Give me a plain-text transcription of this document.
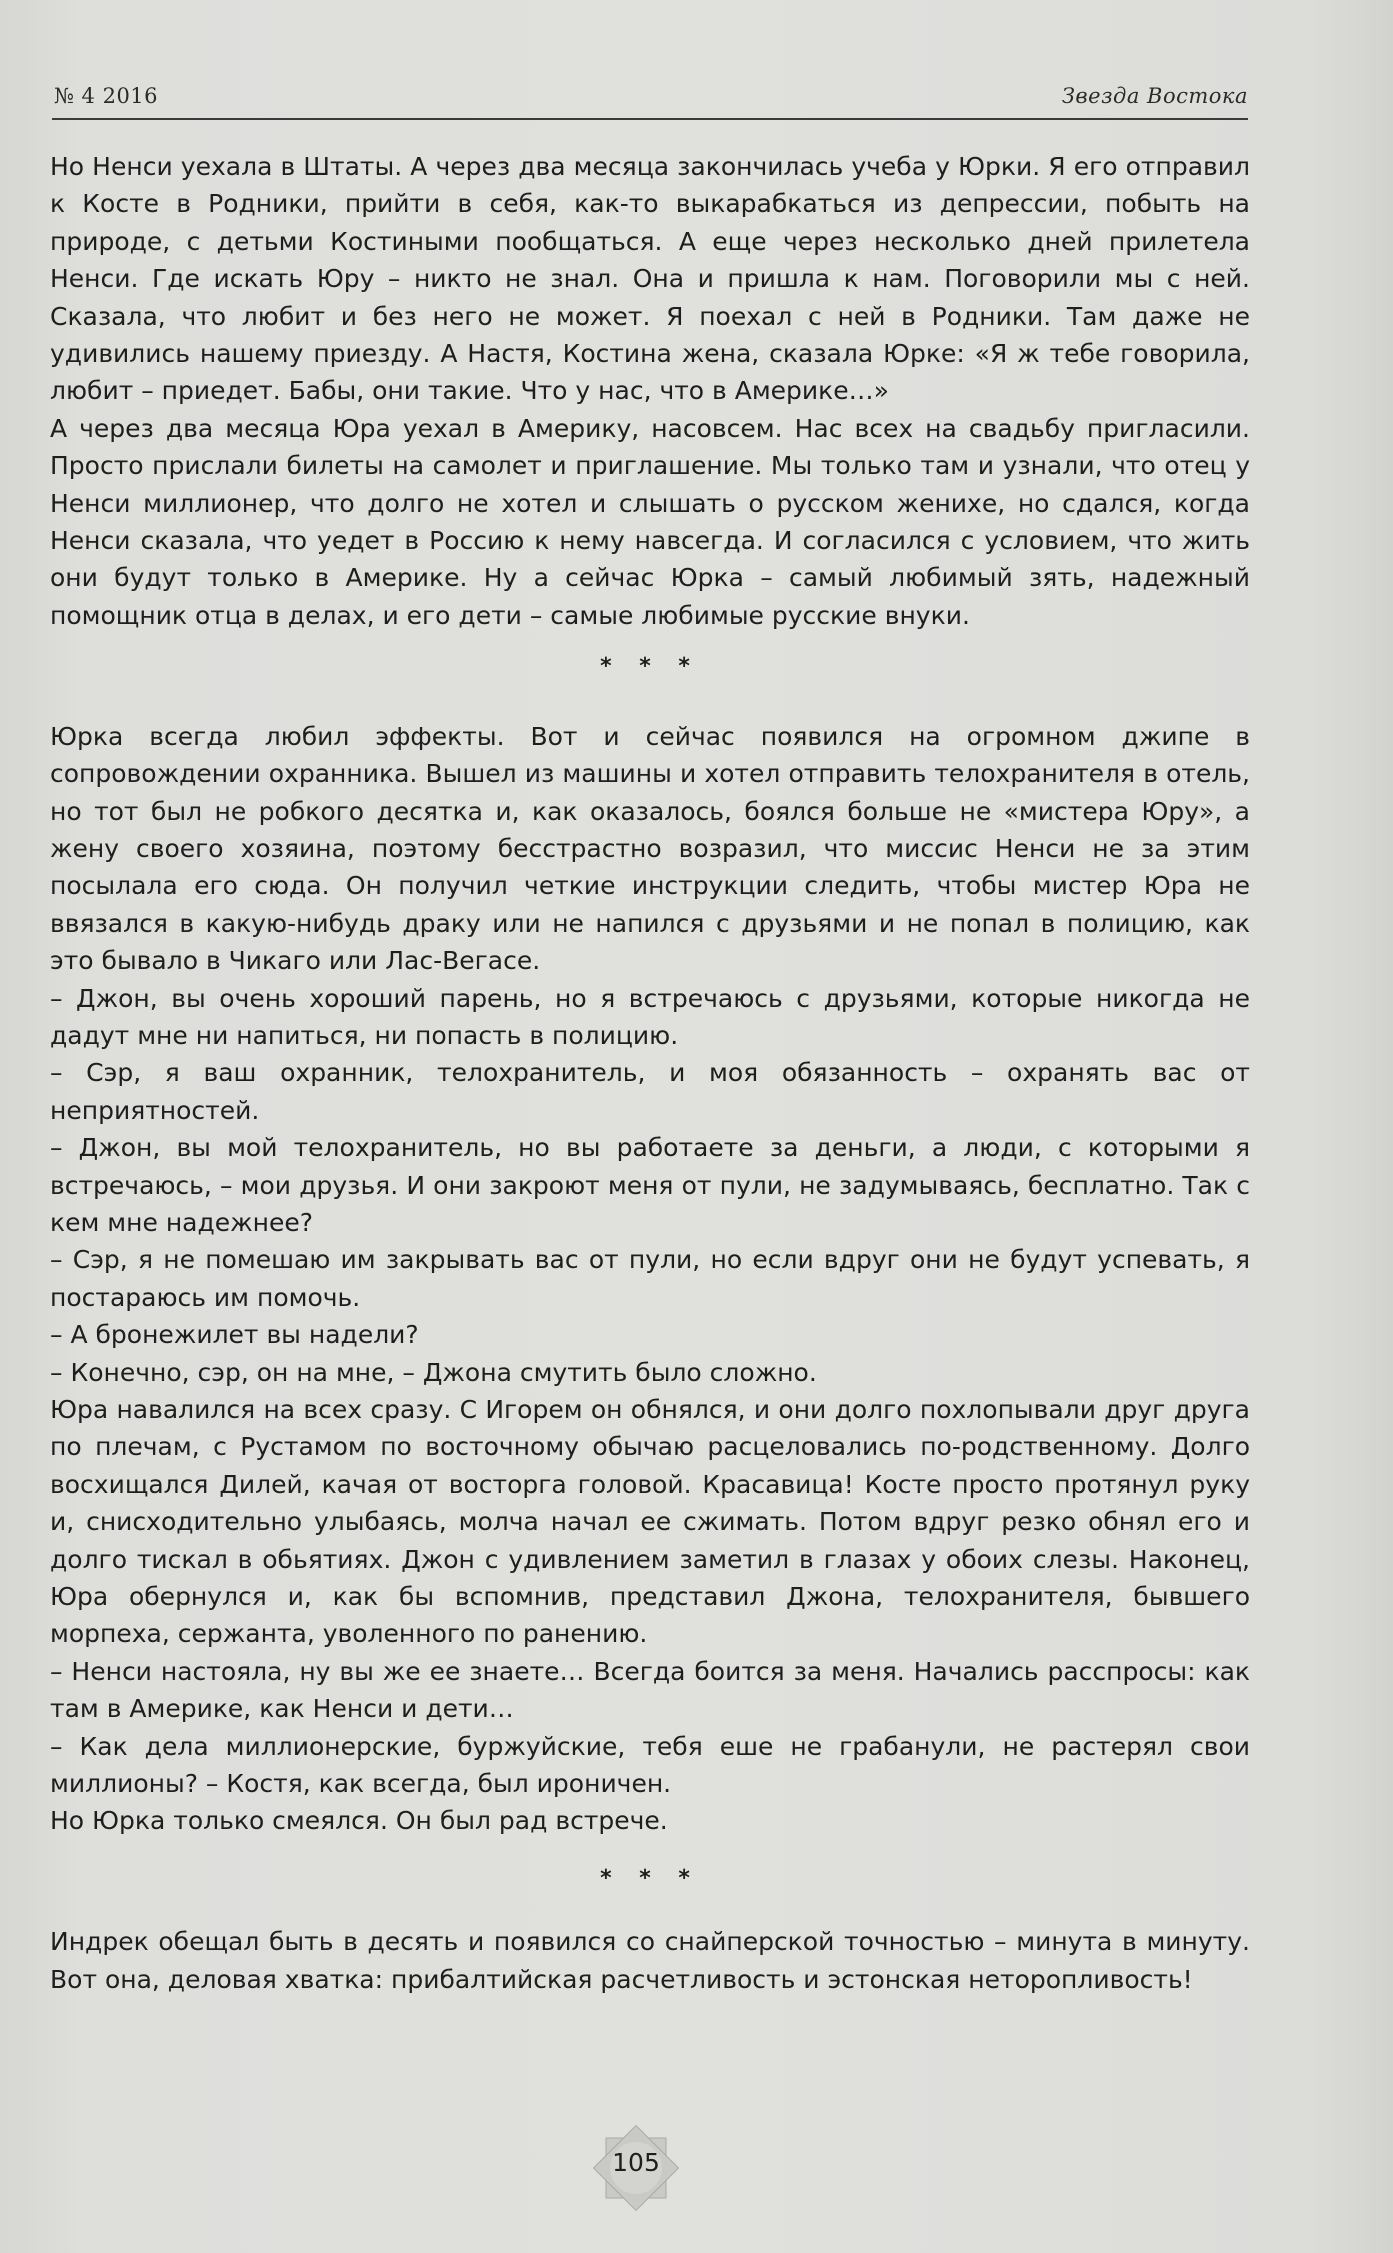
№ 4 2016	Звезда Востока

Но Ненси уехала в Штаты. А через два месяца закончилась учеба у Юрки. Я его отправил к Косте в Родники, прийти в себя, как-то выкарабкаться из депрессии, побыть на природе, с детьми Костиными пообщаться. А еще через несколько дней прилетела Ненси. Где искать Юру – никто не знал. Она и пришла к нам. Поговорили мы с ней. Сказала, что любит и без него не может. Я поехал с ней в Родники. Там даже не удивились нашему приезду. А Настя, Костина жена, сказала Юрке: «Я ж тебе говорила, любит – приедет. Бабы, они такие. Что у нас, что в Америке…»

А через два месяца Юра уехал в Америку, насовсем. Нас всех на свадьбу пригласили. Просто прислали билеты на самолет и приглашение. Мы только там и узнали, что отец у Ненси миллионер, что долго не хотел и слышать о русском женихе, но сдался, когда Ненси сказала, что уедет в Россию к нему навсегда. И согласился с условием, что жить они будут только в Америке. Ну а сейчас Юрка – самый любимый зять, надежный помощник отца в делах, и его дети – самые любимые русские внуки.

* * *

Юрка всегда любил эффекты. Вот и сейчас появился на огромном джипе в сопровождении охранника. Вышел из машины и хотел отправить телохранителя в отель, но тот был не робкого десятка и, как оказалось, боялся больше не «мистера Юру», а жену своего хозяина, поэтому бесстрастно возразил, что миссис Ненси не за этим посылала его сюда. Он получил четкие инструкции следить, чтобы мистер Юра не ввязался в какую-нибудь драку или не напился с друзьями и не попал в полицию, как это бывало в Чикаго или Лас-Вегасе.

– Джон, вы очень хороший парень, но я встречаюсь с друзьями, которые никогда не дадут мне ни напиться, ни попасть в полицию.

– Сэр, я ваш охранник, телохранитель, и моя обязанность – охранять вас от неприятностей.

– Джон, вы мой телохранитель, но вы работаете за деньги, а люди, с которыми я встречаюсь, – мои друзья. И они закроют меня от пули, не задумываясь, бесплатно. Так с кем мне надежнее?

– Сэр, я не помешаю им закрывать вас от пули, но если вдруг они не будут успевать, я постараюсь им помочь.

– А бронежилет вы надели?

– Конечно, сэр, он на мне, – Джона смутить было сложно.

Юра навалился на всех сразу. С Игорем он обнялся, и они долго похлопывали друг друга по плечам, с Рустамом по восточному обычаю расцеловались по-родственному. Долго восхищался Дилей, качая от восторга головой. Красавица! Косте просто протянул руку и, снисходительно улыбаясь, молча начал ее сжимать. Потом вдруг резко обнял его и долго тискал в обьятиях. Джон с удивлением заметил в глазах у обоих слезы. Наконец, Юра обернулся и, как бы вспомнив, представил Джона, телохранителя, бывшего морпеха, сержанта, уволенного по ранению.

– Ненси настояла, ну вы же ее знаете… Всегда боится за меня. Начались расспросы: как там в Америке, как Ненси и дети…

– Как дела миллионерские, буржуйские, тебя еше не грабанули, не растерял свои миллионы? – Костя, как всегда, был ироничен.

Но Юрка только смеялся. Он был рад встрече.

* * *

Индрек обещал быть в десять и появился со снайперской точностью – минута в минуту. Вот она, деловая хватка: прибалтийская расчетливость и эстонская неторопливость!

105
